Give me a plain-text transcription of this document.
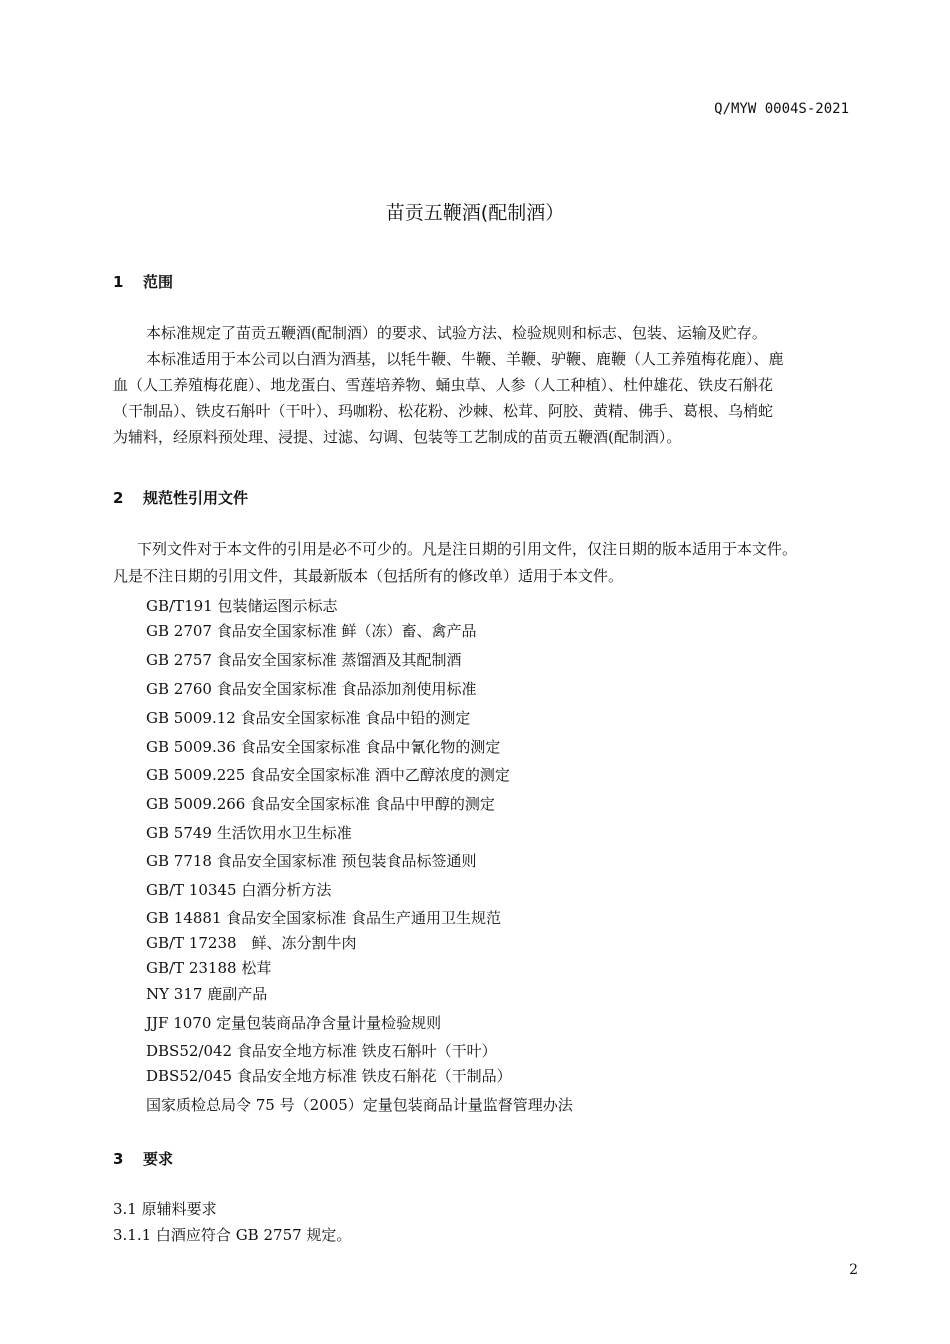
Q/MYW 0004S-2021
苗贡五鞭酒(配制酒）
1 范围
本标准规定了苗贡五鞭酒(配制酒）的要求、试验方法、检验规则和标志、包装、运输及贮存。
本标准适用于本公司以白酒为酒基，以牦牛鞭、牛鞭、羊鞭、驴鞭、鹿鞭（人工养殖梅花鹿）、鹿
血（人工养殖梅花鹿）、地龙蛋白、雪莲培养物、蛹虫草、人参（人工种植）、杜仲雄花、铁皮石斛花
（干制品）、铁皮石斛叶（干叶）、玛咖粉、松花粉、沙棘、松茸、阿胶、黄精、佛手、葛根、乌梢蛇
为辅料，经原料预处理、浸提、过滤、勾调、包装等工艺制成的苗贡五鞭酒(配制酒）。
2 规范性引用文件
下列文件对于本文件的引用是必不可少的。凡是注日期的引用文件，仅注日期的版本适用于本文件。
凡是不注日期的引用文件，其最新版本（包括所有的修改单）适用于本文件。
GB/T191 包装储运图示标志
GB 2707 食品安全国家标准 鲜（冻）畜、禽产品
GB 2757 食品安全国家标准 蒸馏酒及其配制酒
GB 2760 食品安全国家标准 食品添加剂使用标准
GB 5009.12 食品安全国家标准 食品中铅的测定
GB 5009.36 食品安全国家标准 食品中氰化物的测定
GB 5009.225 食品安全国家标准 酒中乙醇浓度的测定
GB 5009.266 食品安全国家标准 食品中甲醇的测定
GB 5749 生活饮用水卫生标准
GB 7718 食品安全国家标准 预包装食品标签通则
GB/T 10345 白酒分析方法
GB 14881 食品安全国家标准 食品生产通用卫生规范
GB/T 17238　鲜、冻分割牛肉
GB/T 23188 松茸
NY 317 鹿副产品
JJF 1070 定量包装商品净含量计量检验规则
DBS52/042 食品安全地方标准 铁皮石斛叶（干叶）
DBS52/045 食品安全地方标准 铁皮石斛花（干制品）
国家质检总局令 75 号（2005）定量包装商品计量监督管理办法
3 要求
3.1 原辅料要求
3.1.1 白酒应符合 GB 2757 规定。
2
